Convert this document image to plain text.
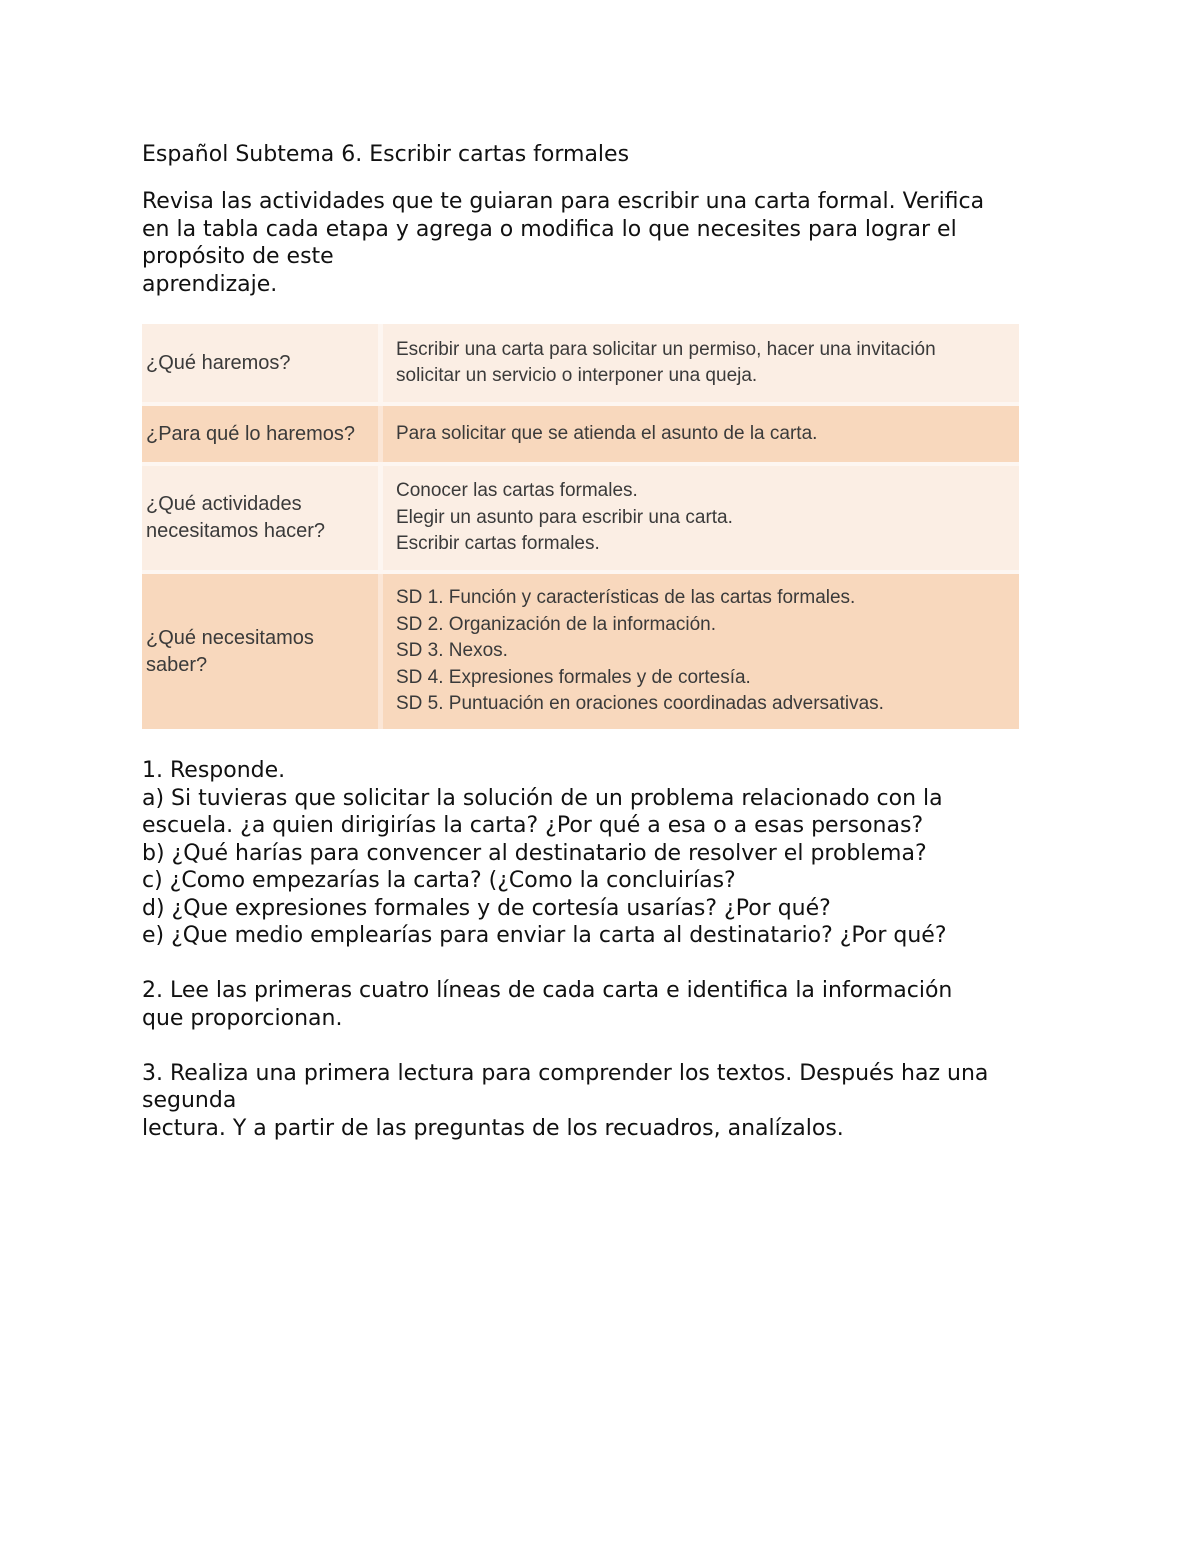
Español Subtema 6. Escribir cartas formales

Revisa las actividades que te guiaran para escribir una carta formal. Verifica
en la tabla cada etapa y agrega o modifica lo que necesites para lograr el
propósito de este
aprendizaje.

¿Qué haremos?
Escribir una carta para solicitar un permiso, hacer una invitación
solicitar un servicio o interponer una queja.
¿Para qué lo haremos? Para solicitar que se atienda el asunto de la carta.
¿Qué actividades
necesitamos hacer?
Conocer las cartas formales.
Elegir un asunto para escribir una carta.
Escribir cartas formales.
¿Qué necesitamos
saber?
SD 1. Función y características de las cartas formales.
SD 2. Organización de la información.
SD 3. Nexos.
SD 4. Expresiones formales y de cortesía.
SD 5. Puntuación en oraciones coordinadas adversativas.
1. Responde.
a) Si tuvieras que solicitar la solución de un problema relacionado con la
escuela. ¿a quien dirigirías la carta? ¿Por qué a esa o a esas personas?
b) ¿Qué harías para convencer al destinatario de resolver el problema?
c) ¿Como empezarías la carta? (¿Como la concluirías?
d) ¿Que expresiones formales y de cortesía usarías? ¿Por qué?
e) ¿Que medio emplearías para enviar la carta al destinatario? ¿Por qué?
2. Lee las primeras cuatro líneas de cada carta e identifica la información
que proporcionan.
3. Realiza una primera lectura para comprender los textos. Después haz una
segunda
lectura. Y a partir de las preguntas de los recuadros, analízalos.
